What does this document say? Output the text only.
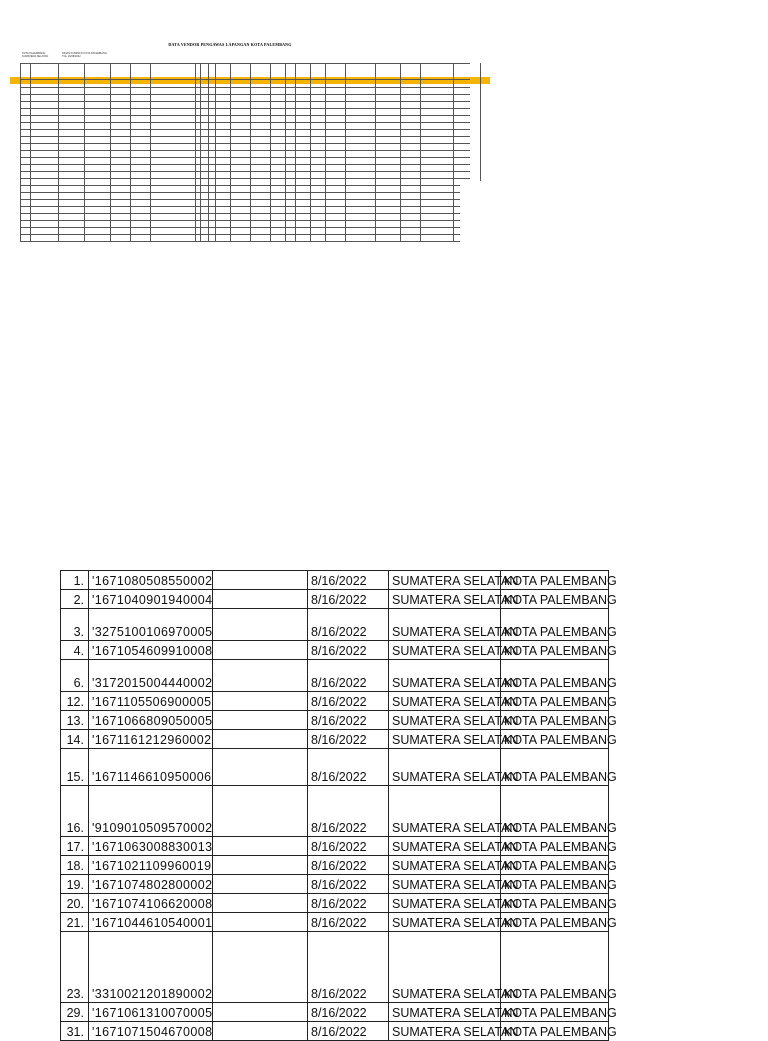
DATA VENDOR PENGAWAS LAPANGAN KOTA PALEMBANG
KOTA PALEMBANG
SUMATERA SELATAN
DINAS KOMINFO KOTA PALEMBANG
TGL 16/08/2022
1.	'1671080508550002		8/16/2022	SUMATERA SELATAN	KOTA PALEMBANG
2.	'1671040901940004		8/16/2022	SUMATERA SELATAN	KOTA PALEMBANG
3.	'3275100106970005		8/16/2022	SUMATERA SELATAN	KOTA PALEMBANG
4.	'1671054609910008		8/16/2022	SUMATERA SELATAN	KOTA PALEMBANG
6.	'3172015004440002		8/16/2022	SUMATERA SELATAN	KOTA PALEMBANG
12.	'1671105506900005		8/16/2022	SUMATERA SELATAN	KOTA PALEMBANG
13.	'1671066809050005		8/16/2022	SUMATERA SELATAN	KOTA PALEMBANG
14.	'1671161212960002		8/16/2022	SUMATERA SELATAN	KOTA PALEMBANG
15.	'1671146610950006		8/16/2022	SUMATERA SELATAN	KOTA PALEMBANG
16.	'9109010509570002		8/16/2022	SUMATERA SELATAN	KOTA PALEMBANG
17.	'1671063008830013		8/16/2022	SUMATERA SELATAN	KOTA PALEMBANG
18.	'1671021109960019		8/16/2022	SUMATERA SELATAN	KOTA PALEMBANG
19.	'1671074802800002		8/16/2022	SUMATERA SELATAN	KOTA PALEMBANG
20.	'1671074106620008		8/16/2022	SUMATERA SELATAN	KOTA PALEMBANG
21.	'1671044610540001		8/16/2022	SUMATERA SELATAN	KOTA PALEMBANG
23.	'3310021201890002		8/16/2022	SUMATERA SELATAN	KOTA PALEMBANG
29.	'1671061310070005		8/16/2022	SUMATERA SELATAN	KOTA PALEMBANG
31.	'1671071504670008		8/16/2022	SUMATERA SELATAN	KOTA PALEMBANG
